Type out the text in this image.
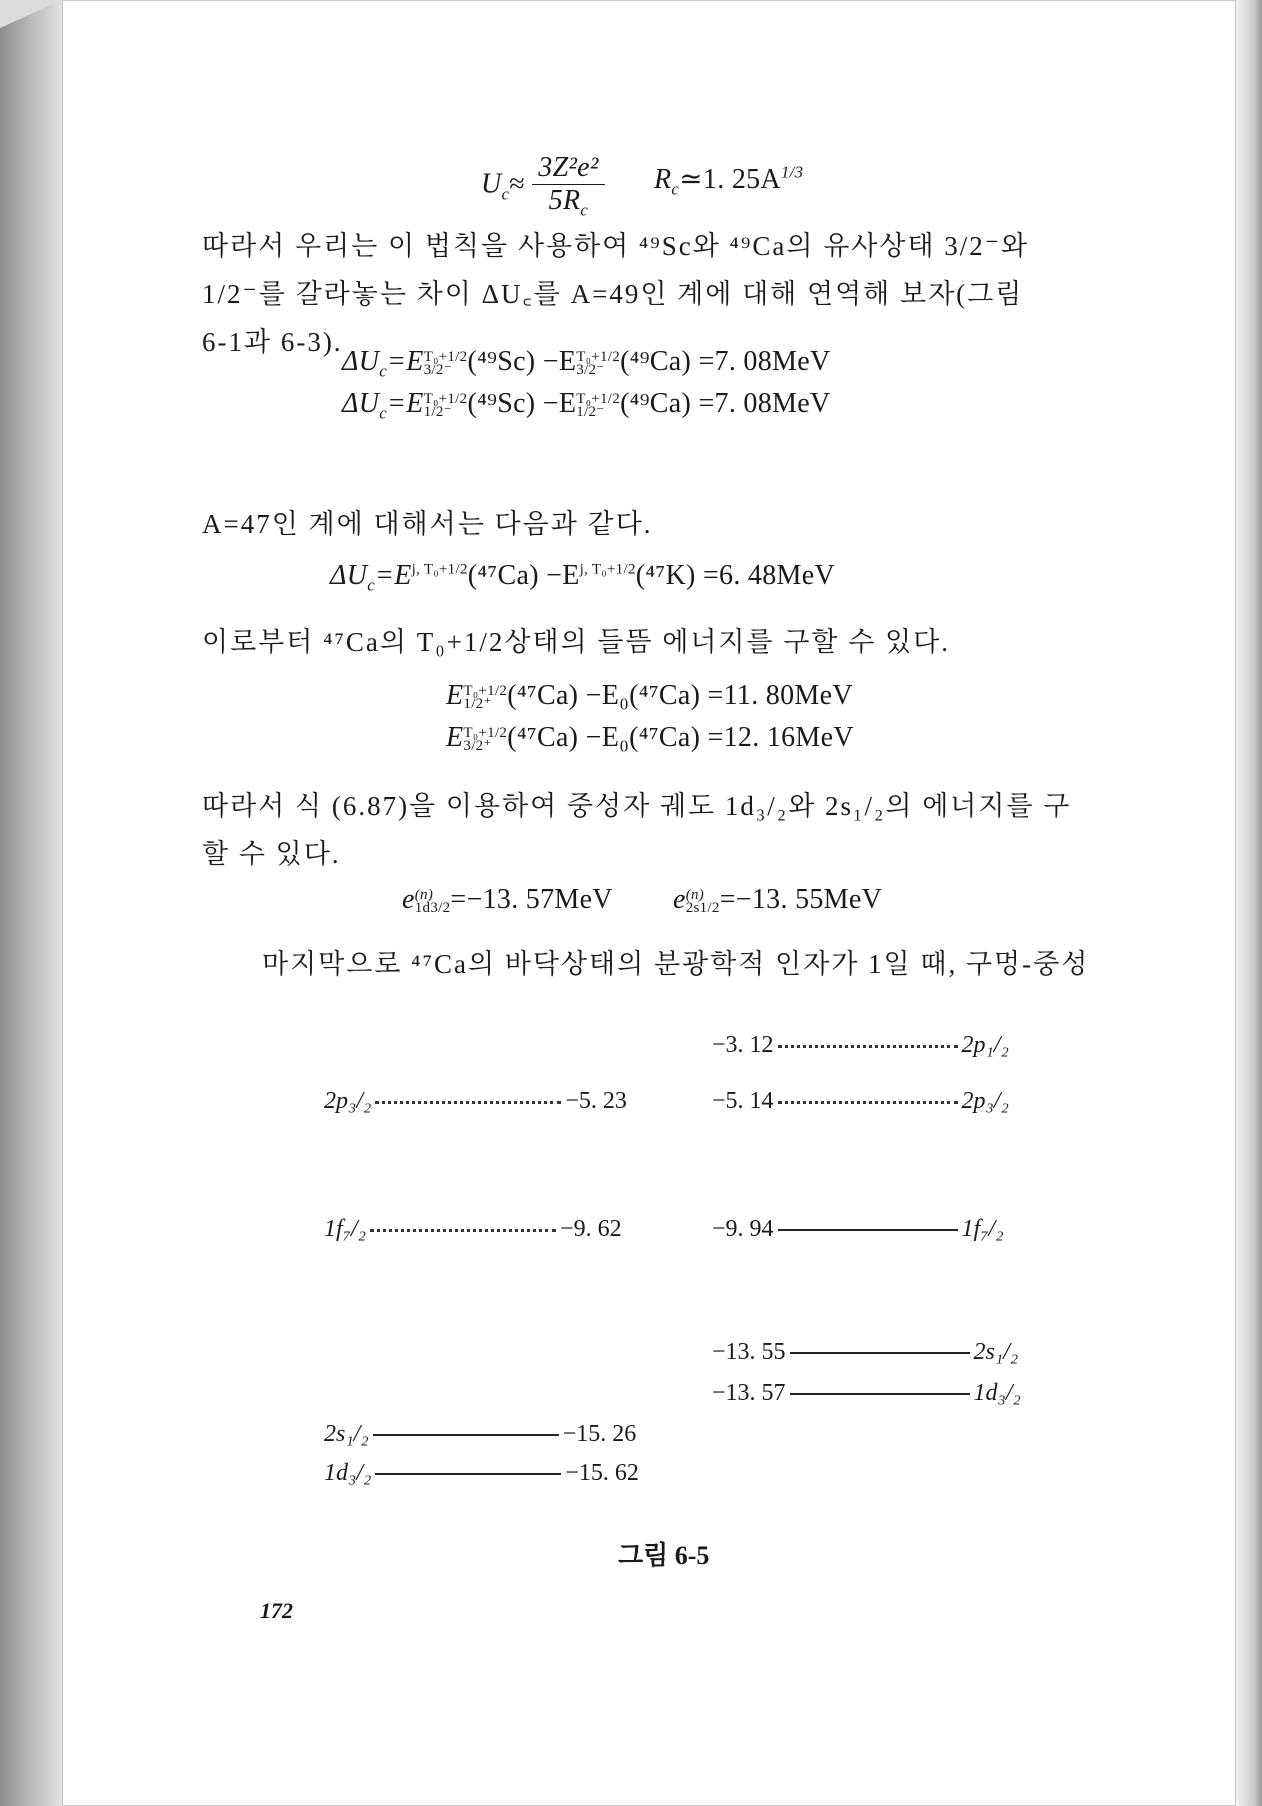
$U_c\approx \frac{\text{3Z²e²}}{5R_c}$ $R_c≃1$. $25A^{1/3}$
따라서 우리는 이 법칙을 사용하여 ⁴⁹Sc와 ⁴⁹Ca의 유사상태 3/2⁻와
1/2⁻를 갈라놓는 차이 ΔU꜀를 A=49인 계에 대해 연역해 보자(그림
6-1과 6-3).
$\Delta U_c=E$ T₀+1/2
3/2⁻ (⁴⁹Sc) −E T₀+1/2
3/2⁻ (⁴⁹Ca) =7. 08MeV
$\Delta U_c=E$ T₀+1/2
1/2⁻ (⁴⁹Sc) −E T₀+1/2
1/2⁻ (⁴⁹Ca) =7. 08MeV
A=47인 계에 대해서는 다음과 같다.
$\Delta U_c=E^{j, T_0+1/2}(^{47}Ca) -E^{j, T_0+1/2}(^{47}K) =6$. 48MeV
이로부터 ⁴⁷Ca의 T₀+1/2상태의 들뜸 에너지를 구할 수 있다.
E T₀+1/2
1/2⁺ (⁴⁷Ca) −E₀(⁴⁷Ca) =11. 80MeV
E T₀+1/2
3/2⁺ (⁴⁷Ca) −E₀(⁴⁷Ca) =12. 16MeV
따라서 식 (6.87)을 이용하여 중성자 궤도 1d₃/₂와 2s₁/₂의 에너지를 구
할 수 있다.
e (n)
1d3/2 =−13. 57MeV e (n)
2s1/2 =−13. 55MeV
마지막으로 ⁴⁷Ca의 바닥상태의 분광학적 인자가 1일 때, 구멍-중성
2p₃/₂	−5. 23
1f₇/₂	−9. 62
2s₁/₂	−15. 26
1d₃/₂	−15. 62
−3. 12	2p₁/₂
−5. 14	2p₃/₂
−9. 94	1f₇/₂
−13. 55	2s₁/₂
−13. 57	1d₃/₂
그림 6-5
172
